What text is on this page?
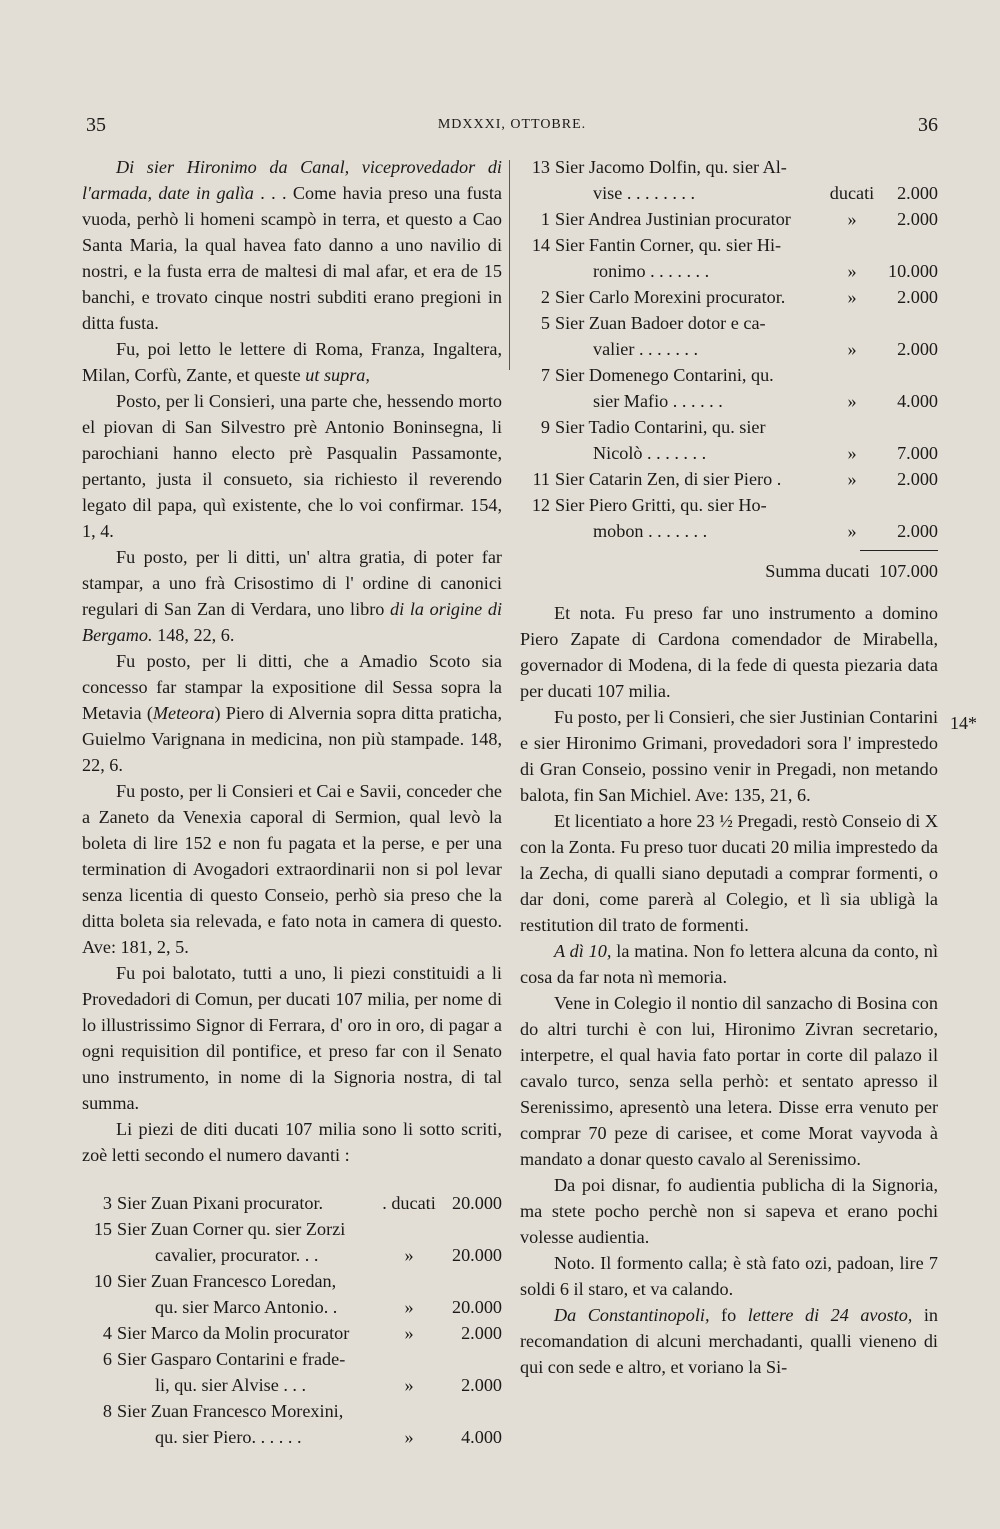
35	MDXXXI, OTTOBRE.	36

Di sier Hironimo da Canal, viceprovedador di l'armada, date in galìa . . . Come havia preso una fusta vuoda, perhò li homeni scampò in terra, et questo a Cao Santa Maria, la qual havea fato danno a uno navilio di nostri, e la fusta erra de maltesi di mal afar, et era de 15 banchi, e trovato cinque nostri subditi erano pregioni in ditta fusta.

Fu, poi letto le lettere di Roma, Franza, Ingaltera, Milan, Corfù, Zante, et queste ut supra,

Posto, per li Consieri, una parte che, hessendo morto el piovan di San Silvestro prè Antonio Boninsegna, li parochiani hanno electo prè Pasqualin Passamonte, pertanto, justa il consueto, sia richiesto il reverendo legato dil papa, quì existente, che lo voi confirmar. 154, 1, 4.

Fu posto, per li ditti, un' altra gratia, di poter far stampar, a uno frà Crisostimo di l' ordine di canonici regulari di San Zan di Verdara, uno libro di la origine di Bergamo. 148, 22, 6.

Fu posto, per li ditti, che a Amadio Scoto sia concesso far stampar la expositione dil Sessa sopra la Metavia (Meteora) Piero di Alvernia sopra ditta praticha, Guielmo Varignana in medicina, non più stampade. 148, 22, 6.

Fu posto, per li Consieri et Cai e Savii, conceder che a Zaneto da Venexia caporal di Sermion, qual levò la boleta di lire 152 e non fu pagata et la perse, e per una termination di Avogadori extraordinarii non si pol levar senza licentia di questo Conseio, perhò sia preso che la ditta boleta sia relevada, e fato nota in camera di questo. Ave: 181, 2, 5.

Fu poi balotato, tutti a uno, li piezi constituidi a li Provedadori di Comun, per ducati 107 milia, per nome di lo illustrissimo Signor di Ferrara, d' oro in oro, di pagar a ogni requisition dil pontifice, et preso far con il Senato uno instrumento, in nome di la Signoria nostra, di tal summa.

Li piezi de diti ducati 107 milia sono li sotto scriti, zoè letti secondo el numero davanti :

3 Sier Zuan Pixani procurator.	. ducati 20.000
15 Sier Zuan Corner qu. sier Zorzi
cavalier, procurator. . .	»	20.000
10 Sier Zuan Francesco Loredan,
qu. sier Marco Antonio. .	»	20.000
4 Sier Marco da Molin procurator	»	2.000
6 Sier Gasparo Contarini e frade-
li, qu. sier Alvise . . .	»	2.000
8 Sier Zuan Francesco Morexini,
qu. sier Piero. . . . . .	»	4.000
13 Sier Jacomo Dolfin, qu. sier Al-
vise . . . . . . . .	ducati	2.000
1 Sier Andrea Justinian procurator	»	2.000
14 Sier Fantin Corner, qu. sier Hi-
ronimo . . . . . . .	»	10.000
2 Sier Carlo Morexini procurator.	»	2.000
5 Sier Zuan Badoer dotor e ca-
valier . . . . . . .	»	2.000
7 Sier Domenego Contarini, qu.
sier Mafio . . . . . .	»	4.000
9 Sier Tadio Contarini, qu. sier
Nicolò . . . . . . .	»	7.000
11 Sier Catarin Zen, di sier Piero .	»	2.000
12 Sier Piero Gritti, qu. sier Ho-
mobon . . . . . . .	»	2.000
Summa ducati 107.000

Et nota. Fu preso far uno instrumento a domino Piero Zapate di Cardona comendador de Mirabella, governador di Modena, di la fede di questa piezaria data per ducati 107 milia.

Fu posto, per li Consieri, che sier Justinian Contarini e sier Hironimo Grimani, provedadori sora l' imprestedo di Gran Conseio, possino venir in Pregadi, non metando balota, fin San Michiel. Ave: 135, 21, 6.

Et licentiato a hore 23 ½ Pregadi, restò Conseio di X con la Zonta. Fu preso tuor ducati 20 milia imprestedo da la Zecha, di qualli siano deputadi a comprar formenti, o dar doni, come parerà al Colegio, et lì sia ubligà la restitution dil trato de formenti.

A dì 10, la matina. Non fo lettera alcuna da conto, nì cosa da far nota nì memoria.

Vene in Colegio il nontio dil sanzacho di Bosina con do altri turchi è con lui, Hironimo Zivran secretario, interpetre, el qual havia fato portar in corte dil palazo il cavalo turco, senza sella perhò: et sentato apresso il Serenissimo, apresentò una letera. Disse erra venuto per comprar 70 peze di carisee, et come Morat vayvoda à mandato a donar questo cavalo al Serenissimo.

Da poi disnar, fo audientia publicha di la Signoria, ma stete pocho perchè non si sapeva et erano pochi volesse audientia.

Noto. Il formento calla; è stà fato ozi, padoan, lire 7 soldi 6 il staro, et va calando.

Da Constantinopoli, fo lettere di 24 avosto, in recomandation di alcuni merchadanti, qualli vieneno di qui con sede e altro, et voriano la Si-

14*
